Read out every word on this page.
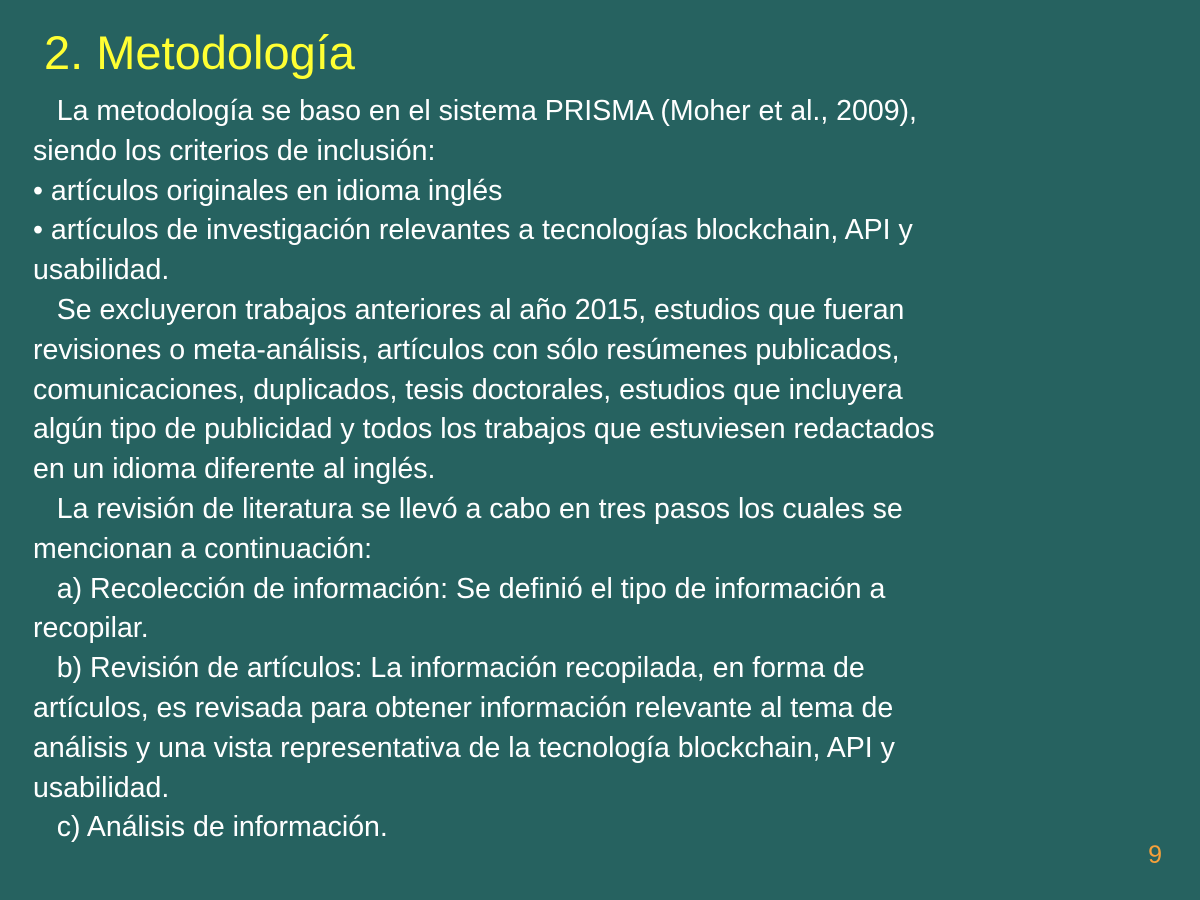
2. Metodología
La metodología se baso en el sistema PRISMA (Moher et al., 2009),
siendo los criterios de inclusión:
• artículos originales en idioma inglés
• artículos de investigación relevantes a tecnologías blockchain, API y
usabilidad.
Se excluyeron trabajos anteriores al año 2015, estudios que fueran
revisiones o meta-análisis, artículos con sólo resúmenes publicados,
comunicaciones, duplicados, tesis doctorales, estudios que incluyera
algún tipo de publicidad y todos los trabajos que estuviesen redactados
en un idioma diferente al inglés.
La revisión de literatura se llevó a cabo en tres pasos los cuales se
mencionan a continuación:
a) Recolección de información: Se definió el tipo de información a
recopilar.
b) Revisión de artículos: La información recopilada, en forma de
artículos, es revisada para obtener información relevante al tema de
análisis y una vista representativa de la tecnología blockchain, API y
usabilidad.
c) Análisis de información.
9
